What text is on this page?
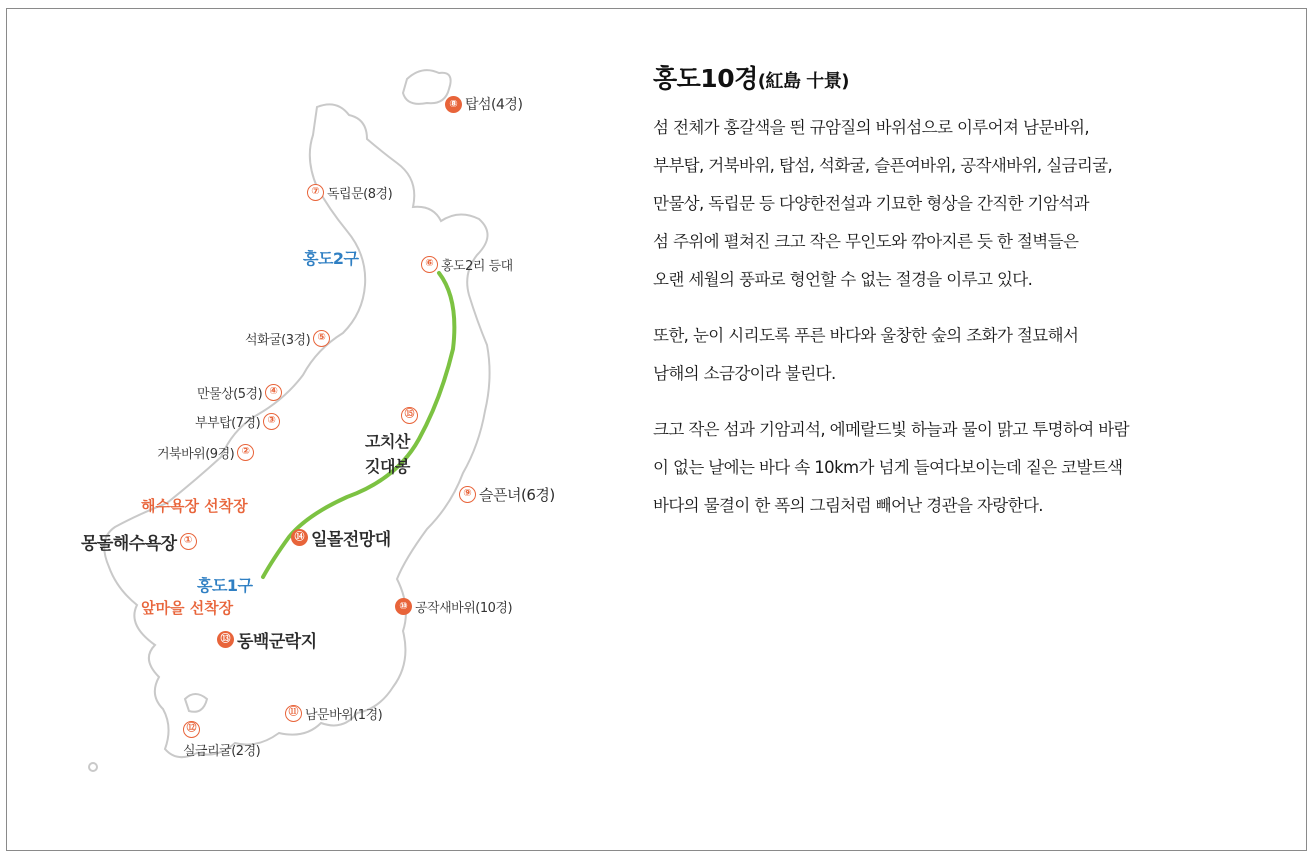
⑧ 탑섬(4경)
⑦ 독립문(8경)
홍도2구	⑥ 홍도2리 등대
석화굴(3경) ⑤
만물상(5경) ④
부부탑(7경) ③
거북바위(9경) ②
⑮
고치산
깃대봉
⑨ 슬픈녀(6경)
해수욕장 선착장
몽돌해수욕장 ①	⑭ 일몰전망대
홍도1구
앞마을 선착장	⑩ 공작새바위(10경)
⑬ 동백군락지
⑪ 남문바위(1경)
⑫
실금리굴(2경)
홍도10경(紅島 十景)
섬 전체가 홍갈색을 띈 규암질의 바위섬으로 이루어져 남문바위,
부부탑, 거북바위, 탑섬, 석화굴, 슬픈여바위, 공작새바위, 실금리굴,
만물상, 독립문 등 다양한전설과 기묘한 형상을 간직한 기암석과
섬 주위에 펼쳐진 크고 작은 무인도와 깎아지른 듯 한 절벽들은
오랜 세월의 풍파로 형언할 수 없는 절경을 이루고 있다.
또한, 눈이 시리도록 푸른 바다와 울창한 숲의 조화가 절묘해서
남해의 소금강이라 불린다.
크고 작은 섬과 기암괴석, 에메랄드빛 하늘과 물이 맑고 투명하여 바람
이 없는 날에는 바다 속 10km가 넘게 들여다보이는데 짙은 코발트색
바다의 물결이 한 폭의 그림처럼 빼어난 경관을 자랑한다.
